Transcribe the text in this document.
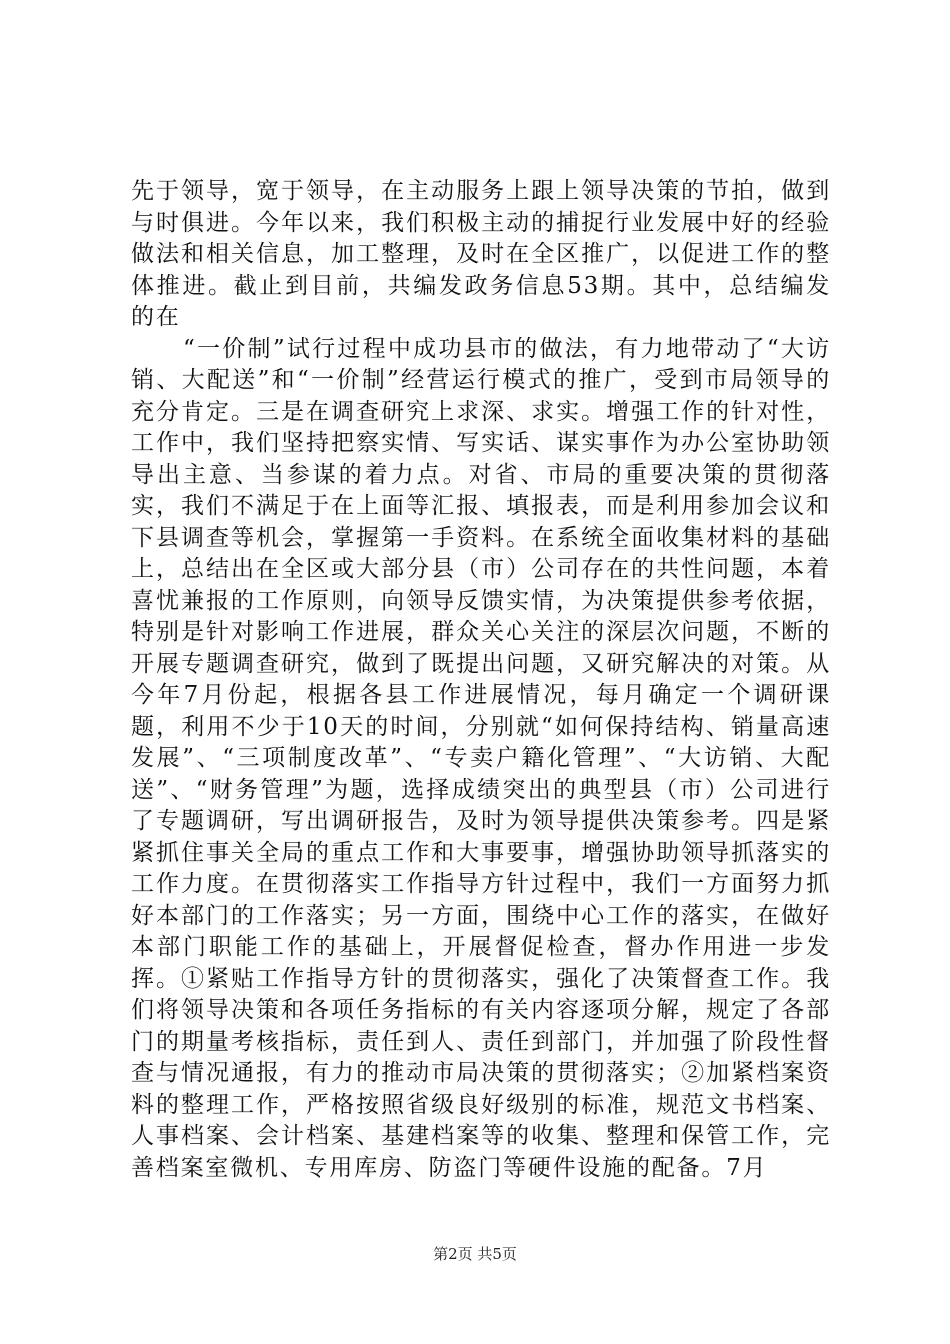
先于领导，宽于领导，在主动服务上跟上领导决策的节拍，做到与时俱进。今年以来，我们积极主动的捕捉行业发展中好的经验做法和相关信息，加工整理，及时在全区推广，以促进工作的整体推进。截止到目前，共编发政务信息53期。其中，总结编发的在

“一价制”试行过程中成功县市的做法，有力地带动了“大访销、大配送”和“一价制”经营运行模式的推广，受到市局领导的充分肯定。三是在调查研究上求深、求实。增强工作的针对性，工作中，我们坚持把察实情、写实话、谋实事作为办公室协助领导出主意、当参谋的着力点。对省、市局的重要决策的贯彻落实，我们不满足于在上面等汇报、填报表，而是利用参加会议和下县调查等机会，掌握第一手资料。在系统全面收集材料的基础上，总结出在全区或大部分县（市）公司存在的共性问题，本着喜忧兼报的工作原则，向领导反馈实情，为决策提供参考依据，特别是针对影响工作进展，群众关心关注的深层次问题，不断的开展专题调查研究，做到了既提出问题，又研究解决的对策。从今年7月份起，根据各县工作进展情况，每月确定一个调研课题，利用不少于10天的时间，分别就“如何保持结构、销量高速发展”、“三项制度改革”、“专卖户籍化管理”、“大访销、大配送”、“财务管理”为题，选择成绩突出的典型县（市）公司进行了专题调研，写出调研报告，及时为领导提供决策参考。四是紧紧抓住事关全局的重点工作和大事要事，增强协助领导抓落实的工作力度。在贯彻落实工作指导方针过程中，我们一方面努力抓好本部门的工作落实；另一方面，围绕中心工作的落实，在做好本部门职能工作的基础上，开展督促检查，督办作用进一步发挥。①紧贴工作指导方针的贯彻落实，强化了决策督查工作。我们将领导决策和各项任务指标的有关内容逐项分解，规定了各部门的期量考核指标，责任到人、责任到部门，并加强了阶段性督查与情况通报，有力的推动市局决策的贯彻落实；②加紧档案资料的整理工作，严格按照省级良好级别的标准，规范文书档案、人事档案、会计档案、基建档案等的收集、整理和保管工作，完善档案室微机、专用库房、防盗门等硬件设施的配备。7月

第2页 共5页
